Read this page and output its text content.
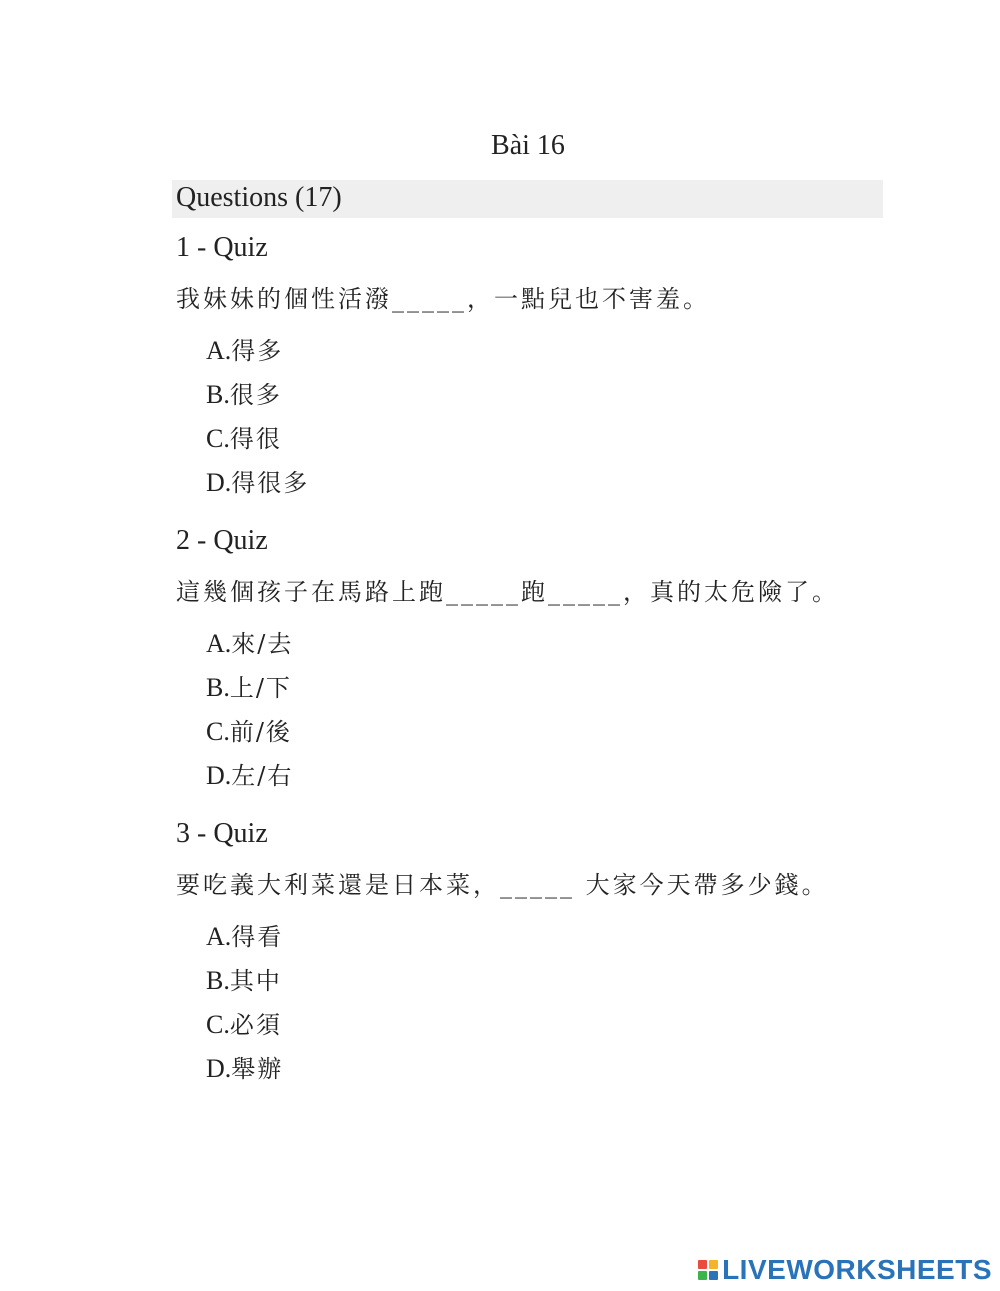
Bài 16
Questions (17)
1 - Quiz
我妹妹的個性活潑_____，一點兒也不害羞。
A.得多
B.很多
C.得很
D.得很多
2 - Quiz
這幾個孩子在馬路上跑_____跑_____，真的太危險了。
A.來/去
B.上/下
C.前/後
D.左/右
3 - Quiz
要吃義大利菜還是日本菜，_____ 大家今天帶多少錢。
A.得看
B.其中
C.必須
D.舉辦
LIVEWORKSHEETS
